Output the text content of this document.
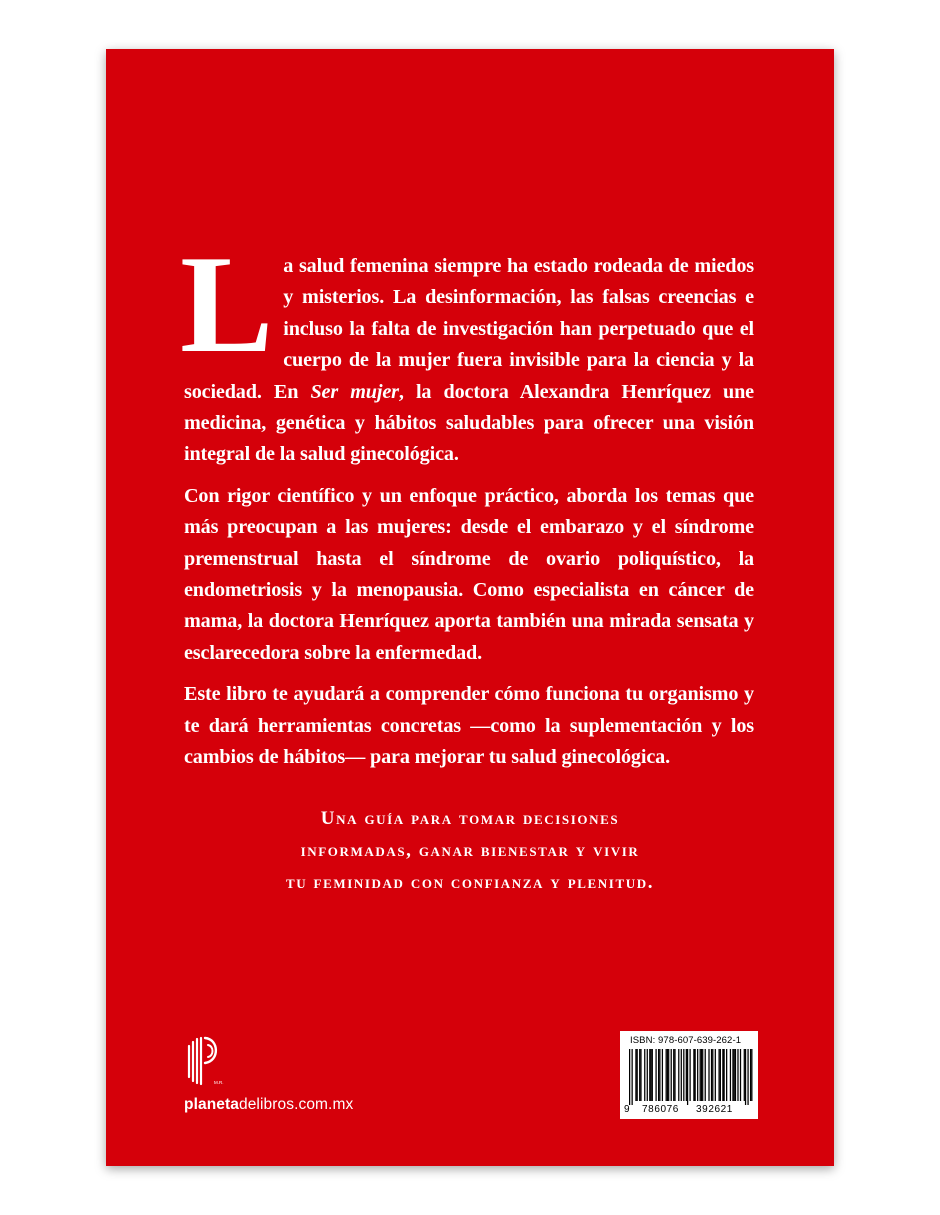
La salud femenina siempre ha estado rodeada de miedos y misterios. La desinformación, las falsas creencias e incluso la falta de investigación han perpetuado que el cuerpo de la mujer fuera invisible para la ciencia y la sociedad. En Ser mujer, la doctora Alexandra Henríquez une medicina, genética y hábitos saludables para ofrecer una visión integral de la salud ginecológica.

Con rigor científico y un enfoque práctico, aborda los temas que más preocupan a las mujeres: desde el embarazo y el síndrome premenstrual hasta el síndrome de ovario poliquístico, la endometriosis y la menopausia. Como especialista en cáncer de mama, la doctora Henríquez aporta también una mirada sensata y esclarecedora sobre la enfermedad.

Este libro te ayudará a comprender cómo funciona tu organismo y te dará herramientas concretas —como la suplementación y los cambios de hábitos— para mejorar tu salud ginecológica.

Una guía para tomar decisiones
informadas, ganar bienestar y vivir
tu feminidad con confianza y plenitud.
M.R.
planetadelibros.com.mx
ISBN: 978-607-639-262-1
9 786076 392621
